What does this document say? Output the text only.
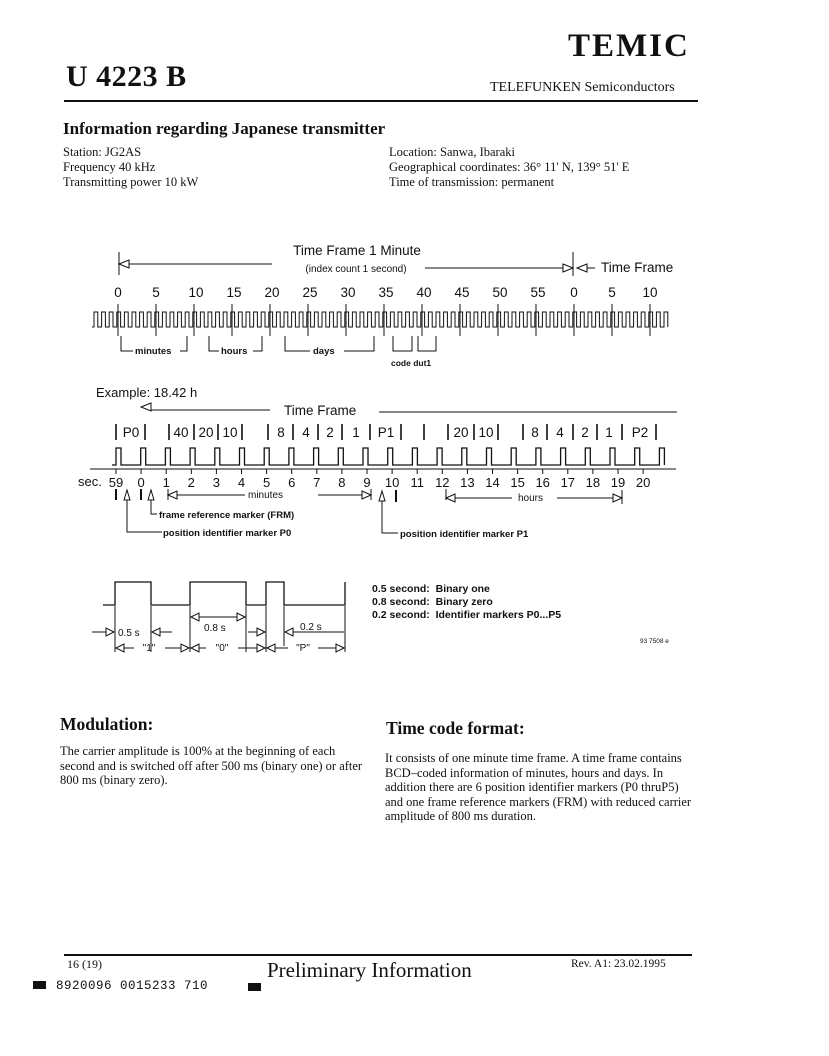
U 4223 B
TEMIC
TELEFUNKEN Semiconductors
Information regarding Japanese transmitter
Station: JG2AS
Frequency 40 kHz
Transmitting power 10 kW
Location: Sanwa, Ibaraki
Geographical coordinates: 36° 11' N, 139° 51' E
Time of transmission: permanent
Time Frame 1 Minute
(index count 1 second)	Time Frame
0 5 10 15 20 25 30 35 40 45 50 55 0 5 10
minutes	hours	days
code dut1
Example: 18.42 h
Time Frame
P0	40 20 10	8 4 2 1 P1	20 10	8 4 2 1 P2
sec. 59 0 1 2 3 4 5 6 7 8 9 10 11 12 13 14 15 16 17 18 19 20
minutes	hours
frame reference marker (FRM)
position identifier marker P0	position identifier marker P1
0.5 s	0.8 s	0.2 s
"1"	"0"	"P"
0.5 second:  Binary one
0.8 second:  Binary zero
0.2 second:  Identifier markers P0...P5
93 7508 e
Modulation:
The carrier amplitude is 100% at the beginning of each second and is switched off after 500 ms (binary one) or after 800 ms (binary zero).
Time code format:
It consists of one minute time frame. A time frame contains BCD–coded information of minutes, hours and days. In addition there are 6 position identifier markers (P0 thruP5) and one frame reference markers (FRM) with reduced carrier amplitude of 800 ms duration.
16 (19)	Preliminary Information	Rev. A1: 23.02.1995
8920096 0015233 710
